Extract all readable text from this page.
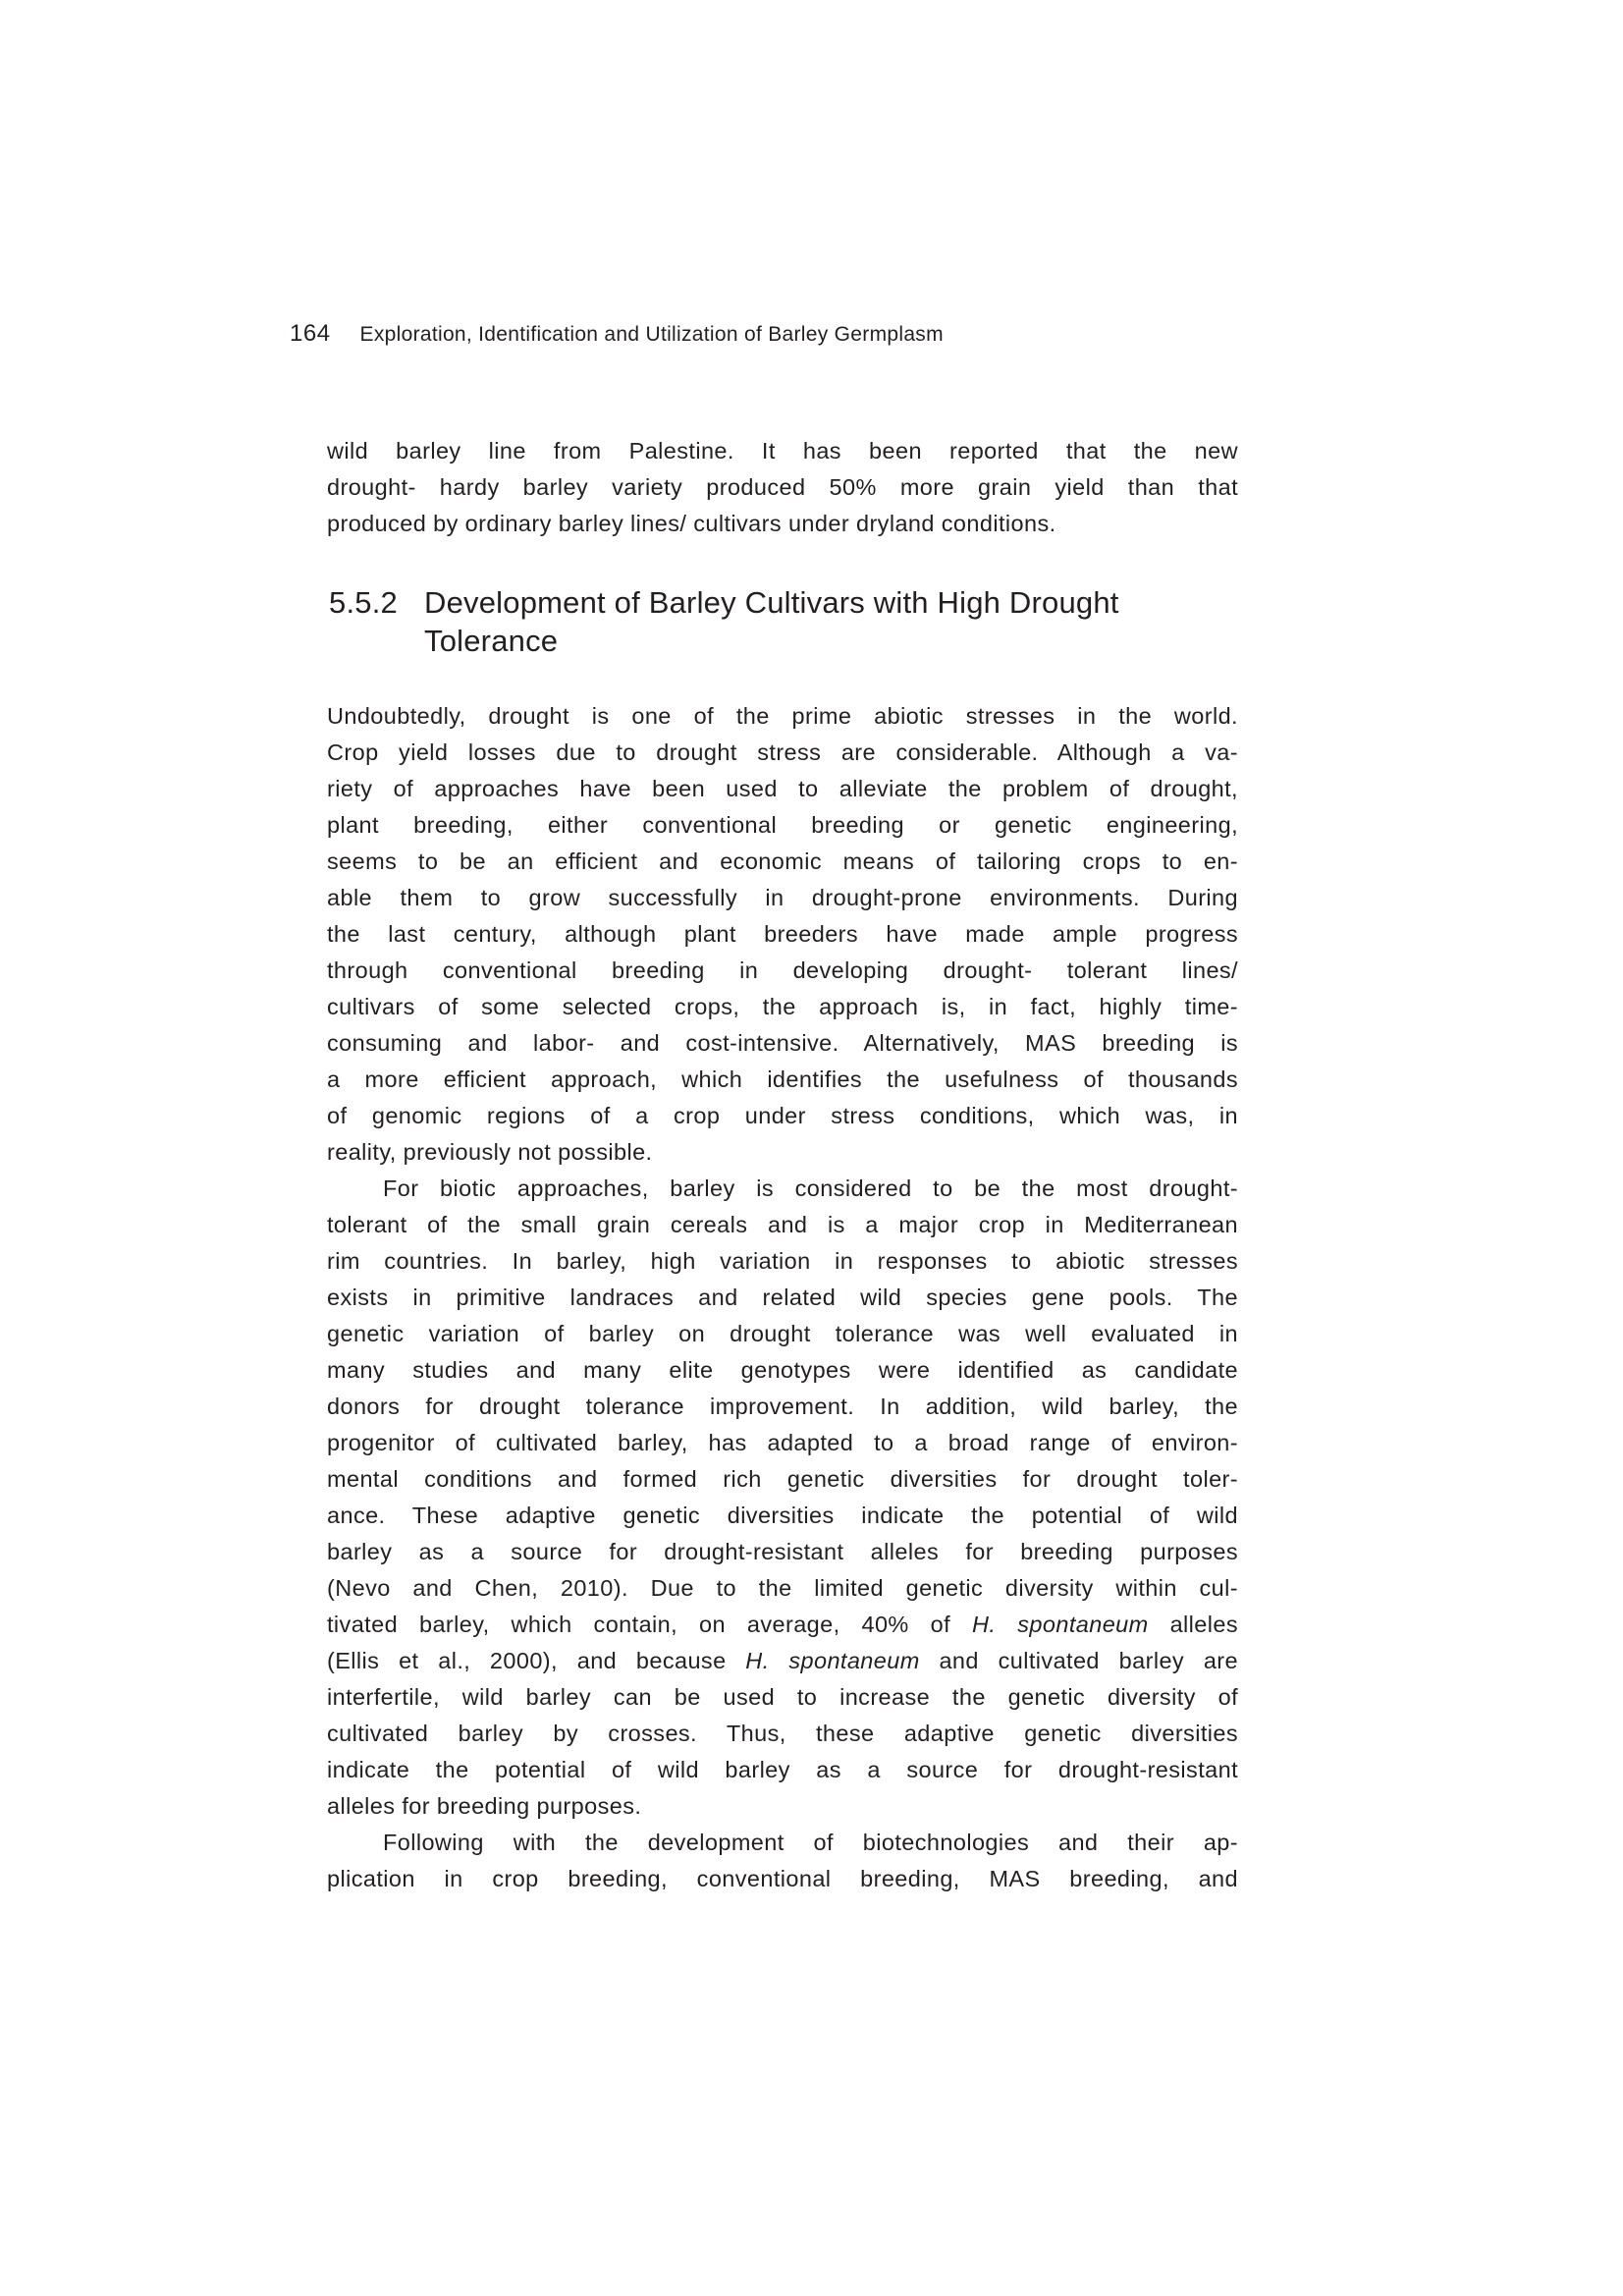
164 Exploration, Identification and Utilization of Barley Germplasm
wild barley line from Palestine. It has been reported that the new
drought- hardy barley variety produced 50% more grain yield than that
produced by ordinary barley lines/ cultivars under dryland conditions.
5.5.2 Development of Barley Cultivars with High Drought
Tolerance
Undoubtedly, drought is one of the prime abiotic stresses in the world.
Crop yield losses due to drought stress are considerable. Although a va-
riety of approaches have been used to alleviate the problem of drought,
plant breeding, either conventional breeding or genetic engineering,
seems to be an efficient and economic means of tailoring crops to en-
able them to grow successfully in drought-prone environments. During
the last century, although plant breeders have made ample progress
through conventional breeding in developing drought- tolerant lines/
cultivars of some selected crops, the approach is, in fact, highly time-
consuming and labor- and cost-intensive. Alternatively, MAS breeding is
a more efficient approach, which identifies the usefulness of thousands
of genomic regions of a crop under stress conditions, which was, in
reality, previously not possible.
For biotic approaches, barley is considered to be the most drought-
tolerant of the small grain cereals and is a major crop in Mediterranean
rim countries. In barley, high variation in responses to abiotic stresses
exists in primitive landraces and related wild species gene pools. The
genetic variation of barley on drought tolerance was well evaluated in
many studies and many elite genotypes were identified as candidate
donors for drought tolerance improvement. In addition, wild barley, the
progenitor of cultivated barley, has adapted to a broad range of environ-
mental conditions and formed rich genetic diversities for drought toler-
ance. These adaptive genetic diversities indicate the potential of wild
barley as a source for drought-resistant alleles for breeding purposes
(Nevo and Chen, 2010). Due to the limited genetic diversity within cul-
tivated barley, which contain, on average, 40% of H. spontaneum alleles
(Ellis et al., 2000), and because H. spontaneum and cultivated barley are
interfertile, wild barley can be used to increase the genetic diversity of
cultivated barley by crosses. Thus, these adaptive genetic diversities
indicate the potential of wild barley as a source for drought-resistant
alleles for breeding purposes.
Following with the development of biotechnologies and their ap-
plication in crop breeding, conventional breeding, MAS breeding, and
